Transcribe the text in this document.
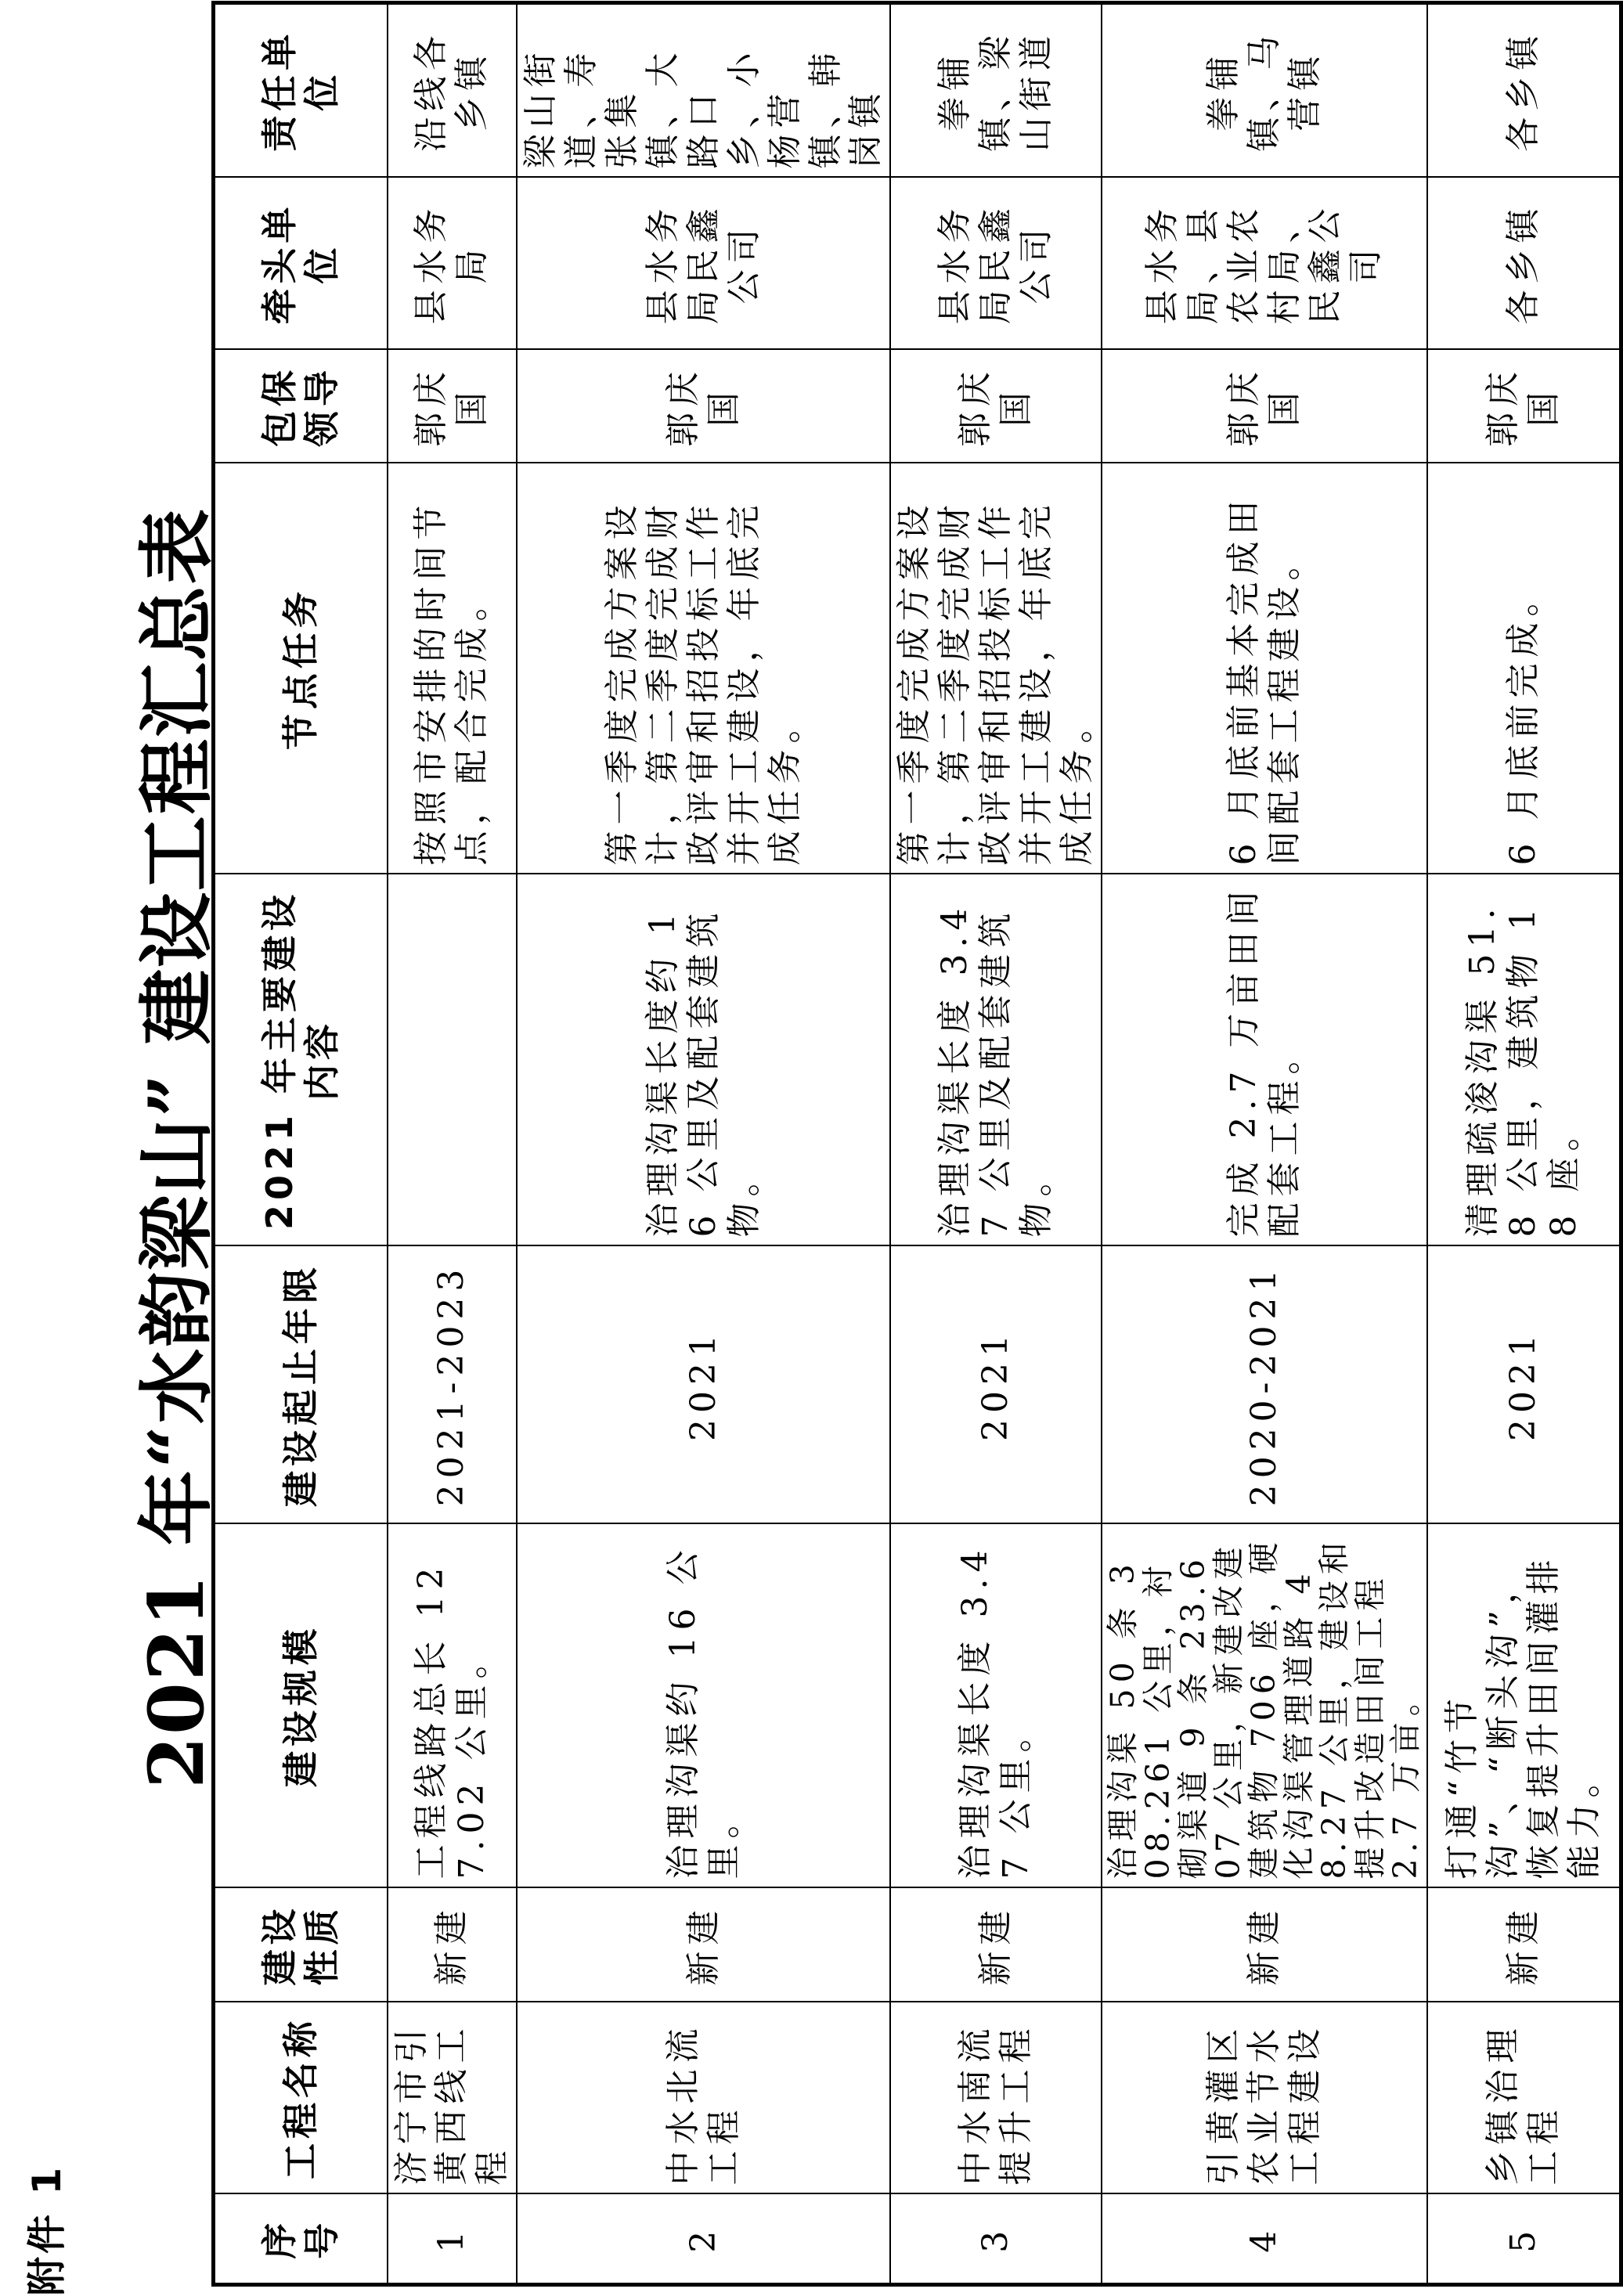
附件 1
2021 年“水韵梁山” 建设工程汇总表
序号	工程名称	建设性质	建设规模	建设起止年限	2021 年主要建设内容	节点任务	包保领导	牵头单位	责任单位
1	济宁市引黄西线工程	新建	工程线路总长 127.02 公里。	2021-2023		按照市安排的时间节点，配合完成。	郭庆国	县水务局	沿线各乡镇
2	中水北流工程	新建	治理沟渠约 16 公里。	2021	治理沟渠长度约 16 公里及配套建筑物。	第一季度完成方案设计，第二季度完成财政评审和招投标工作并开工建设，年底完成任务。	郭庆国	县水务局民鑫公司	梁山街道、寿张集镇、大路口乡、小杨营镇、韩岗镇
3	中水南流提升工程	新建	治理沟渠长度 3.47 公里。	2021	治理沟渠长度 3.47 公里及配套建筑物。	第一季度完成方案设计，第二季度完成财政评审和招投标工作并开工建设，年底完成任务。	郭庆国	县水务局民鑫公司	拳铺镇、梁山街道
4	引黄灌区农业节水工程建设	新建	治理沟渠 50 条 308.261 公里，衬砌渠道 9 条 23.607 公里，新建改建建筑物 706 座，硬化沟渠管理道路 48.27 公里，建设和提升改造田间工程 2.7 万亩。	2020-2021	完成 2.7 万亩田间配套工程。	6 月底前基本完成田间配套工程建设。	郭庆国	县水务局、县农业农村局、民鑫公司	拳铺镇、马营镇
5	乡镇治理工程	新建	打通“竹节沟”、“断头沟”，恢复提升田间灌排能力。	2021	清理疏浚沟渠 51.8 公里，建筑物 18 座。	6 月底前完成。	郭庆国	各乡镇	各乡镇
